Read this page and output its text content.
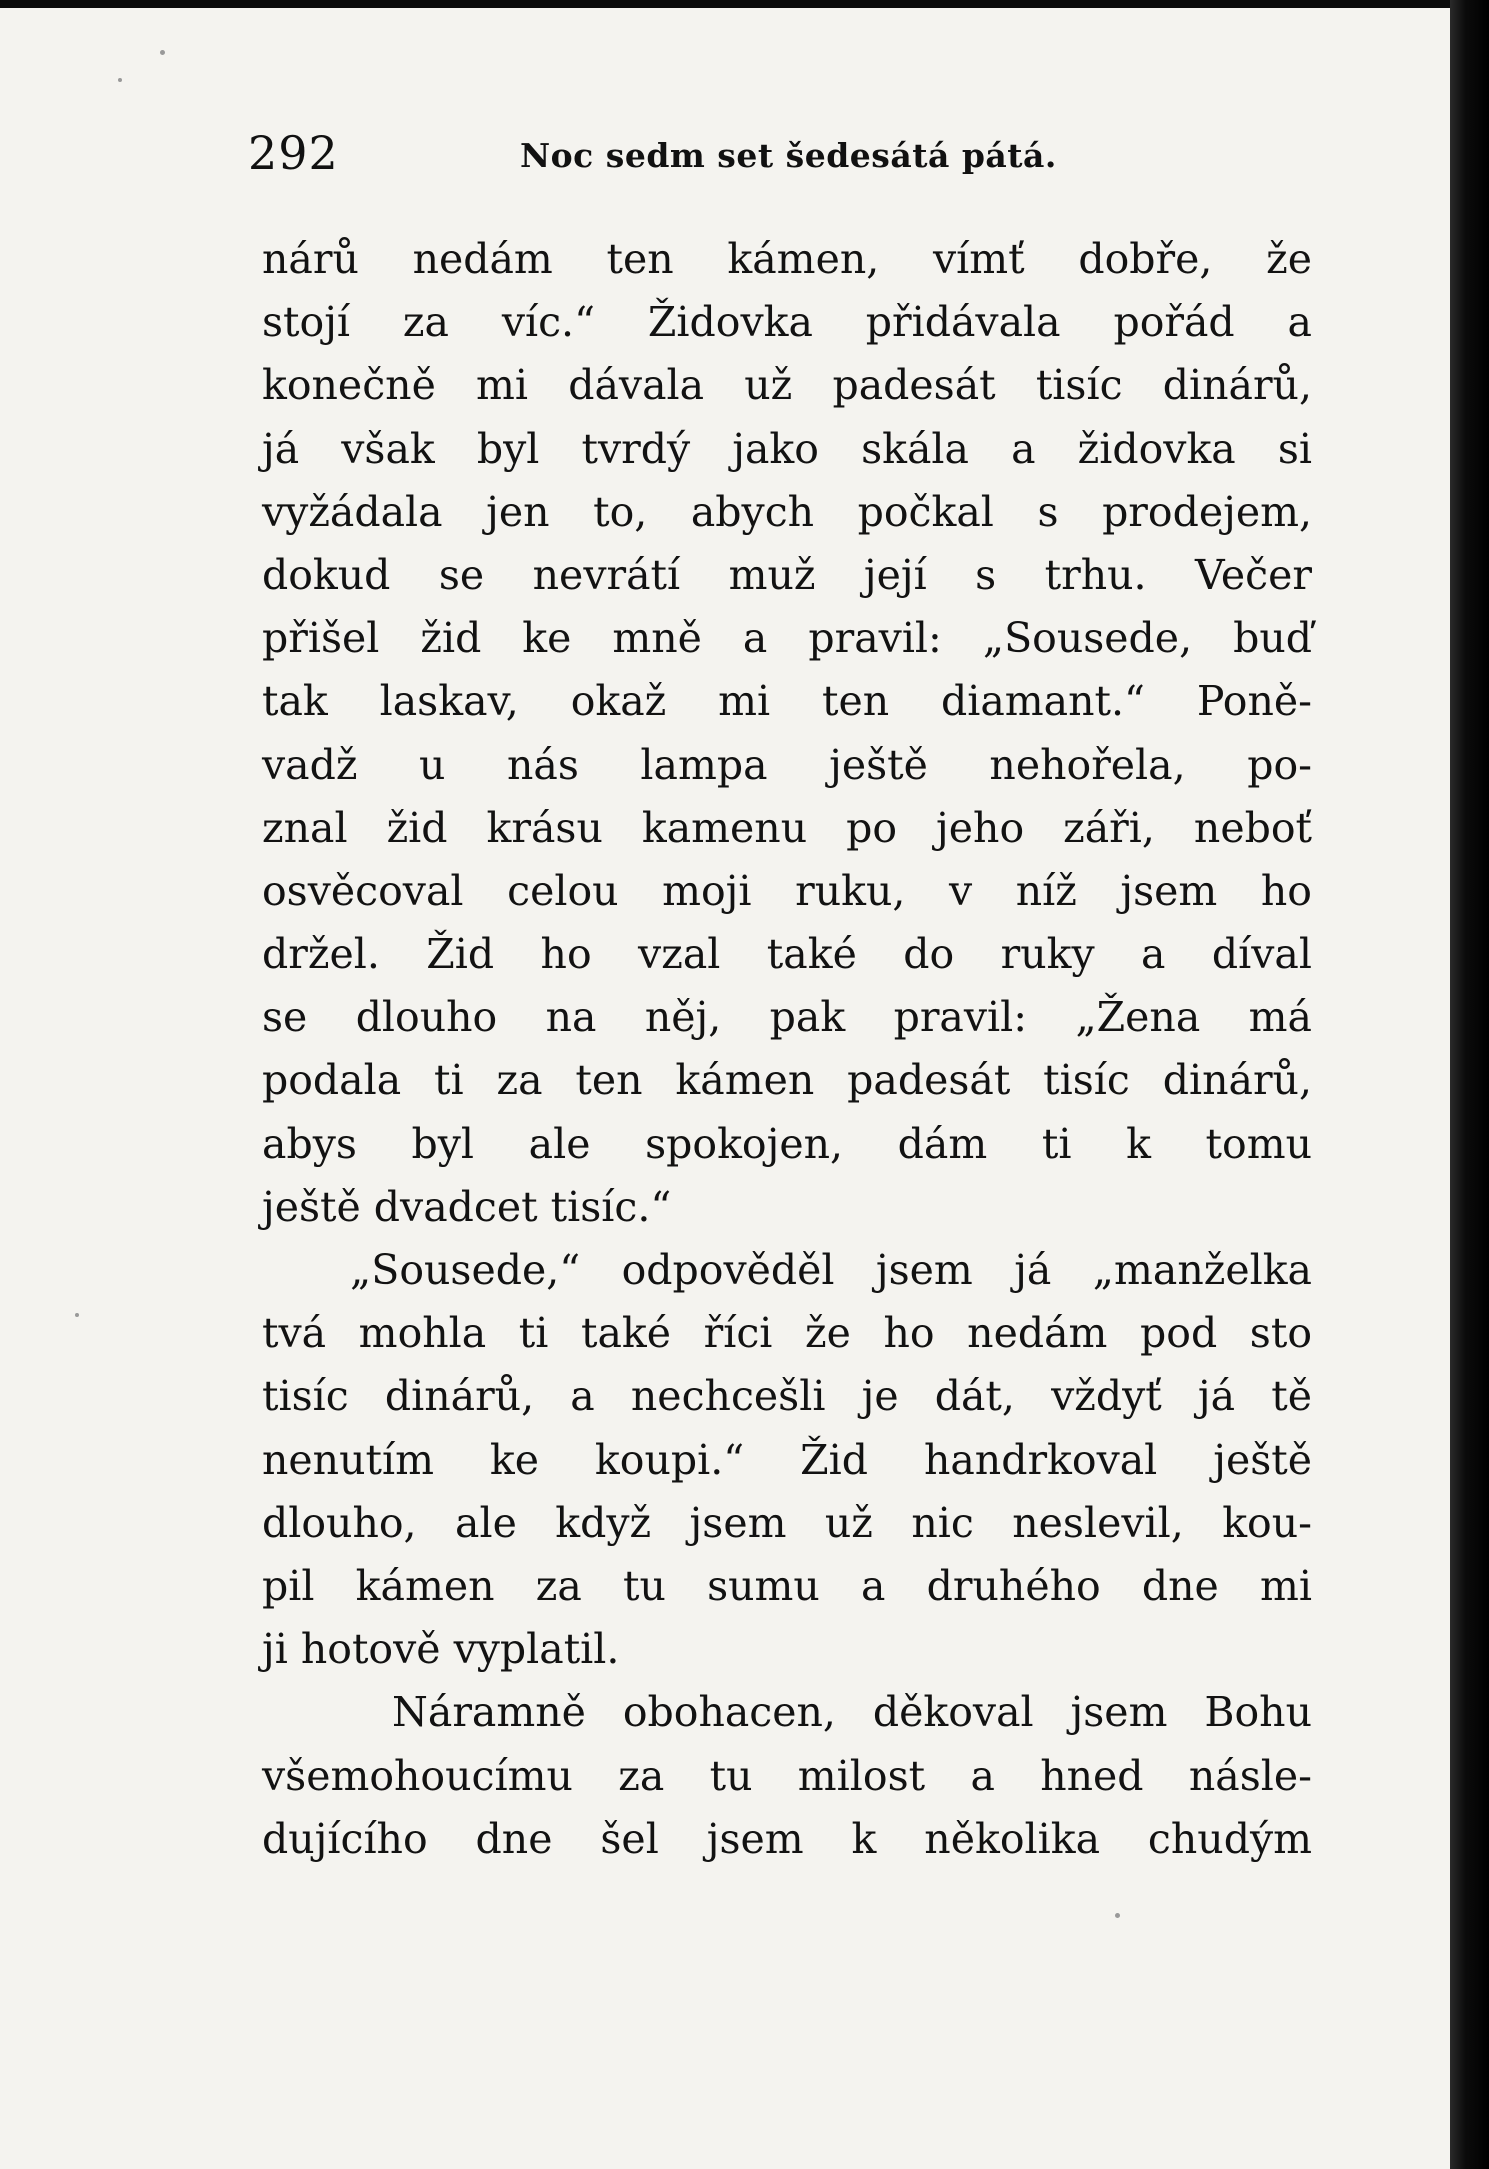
292	Noc sedm set šedesátá pátá.
nárů nedám ten kámen, vímť dobře, že
stojí za víc.“ Židovka přidávala pořád a
konečně mi dávala už padesát tisíc dinárů,
já však byl tvrdý jako skála a židovka si
vyžádala jen to, abych počkal s prodejem,
dokud se nevrátí muž její s trhu. Večer
přišel žid ke mně a pravil: „Sousede, buď
tak laskav, okaž mi ten diamant.“ Poně-
vadž u nás lampa ještě nehořela, po-
znal žid krásu kamenu po jeho záři, neboť
osvěcoval celou moji ruku, v níž jsem ho
držel. Žid ho vzal také do ruky a díval
se dlouho na něj, pak pravil: „Žena má
podala ti za ten kámen padesát tisíc dinárů,
abys byl ale spokojen, dám ti k tomu
ještě dvadcet tisíc.“
„Sousede,“ odpověděl jsem já „manželka
tvá mohla ti také říci že ho nedám pod sto
tisíc dinárů, a nechcešli je dát, vždyť já tě
nenutím ke koupi.“ Žid handrkoval ještě
dlouho, ale když jsem už nic neslevil, kou-
pil kámen za tu sumu a druhého dne mi
ji hotově vyplatil.
Náramně obohacen, děkoval jsem Bohu
všemohoucímu za tu milost a hned násle-
dujícího dne šel jsem k několika chudým
